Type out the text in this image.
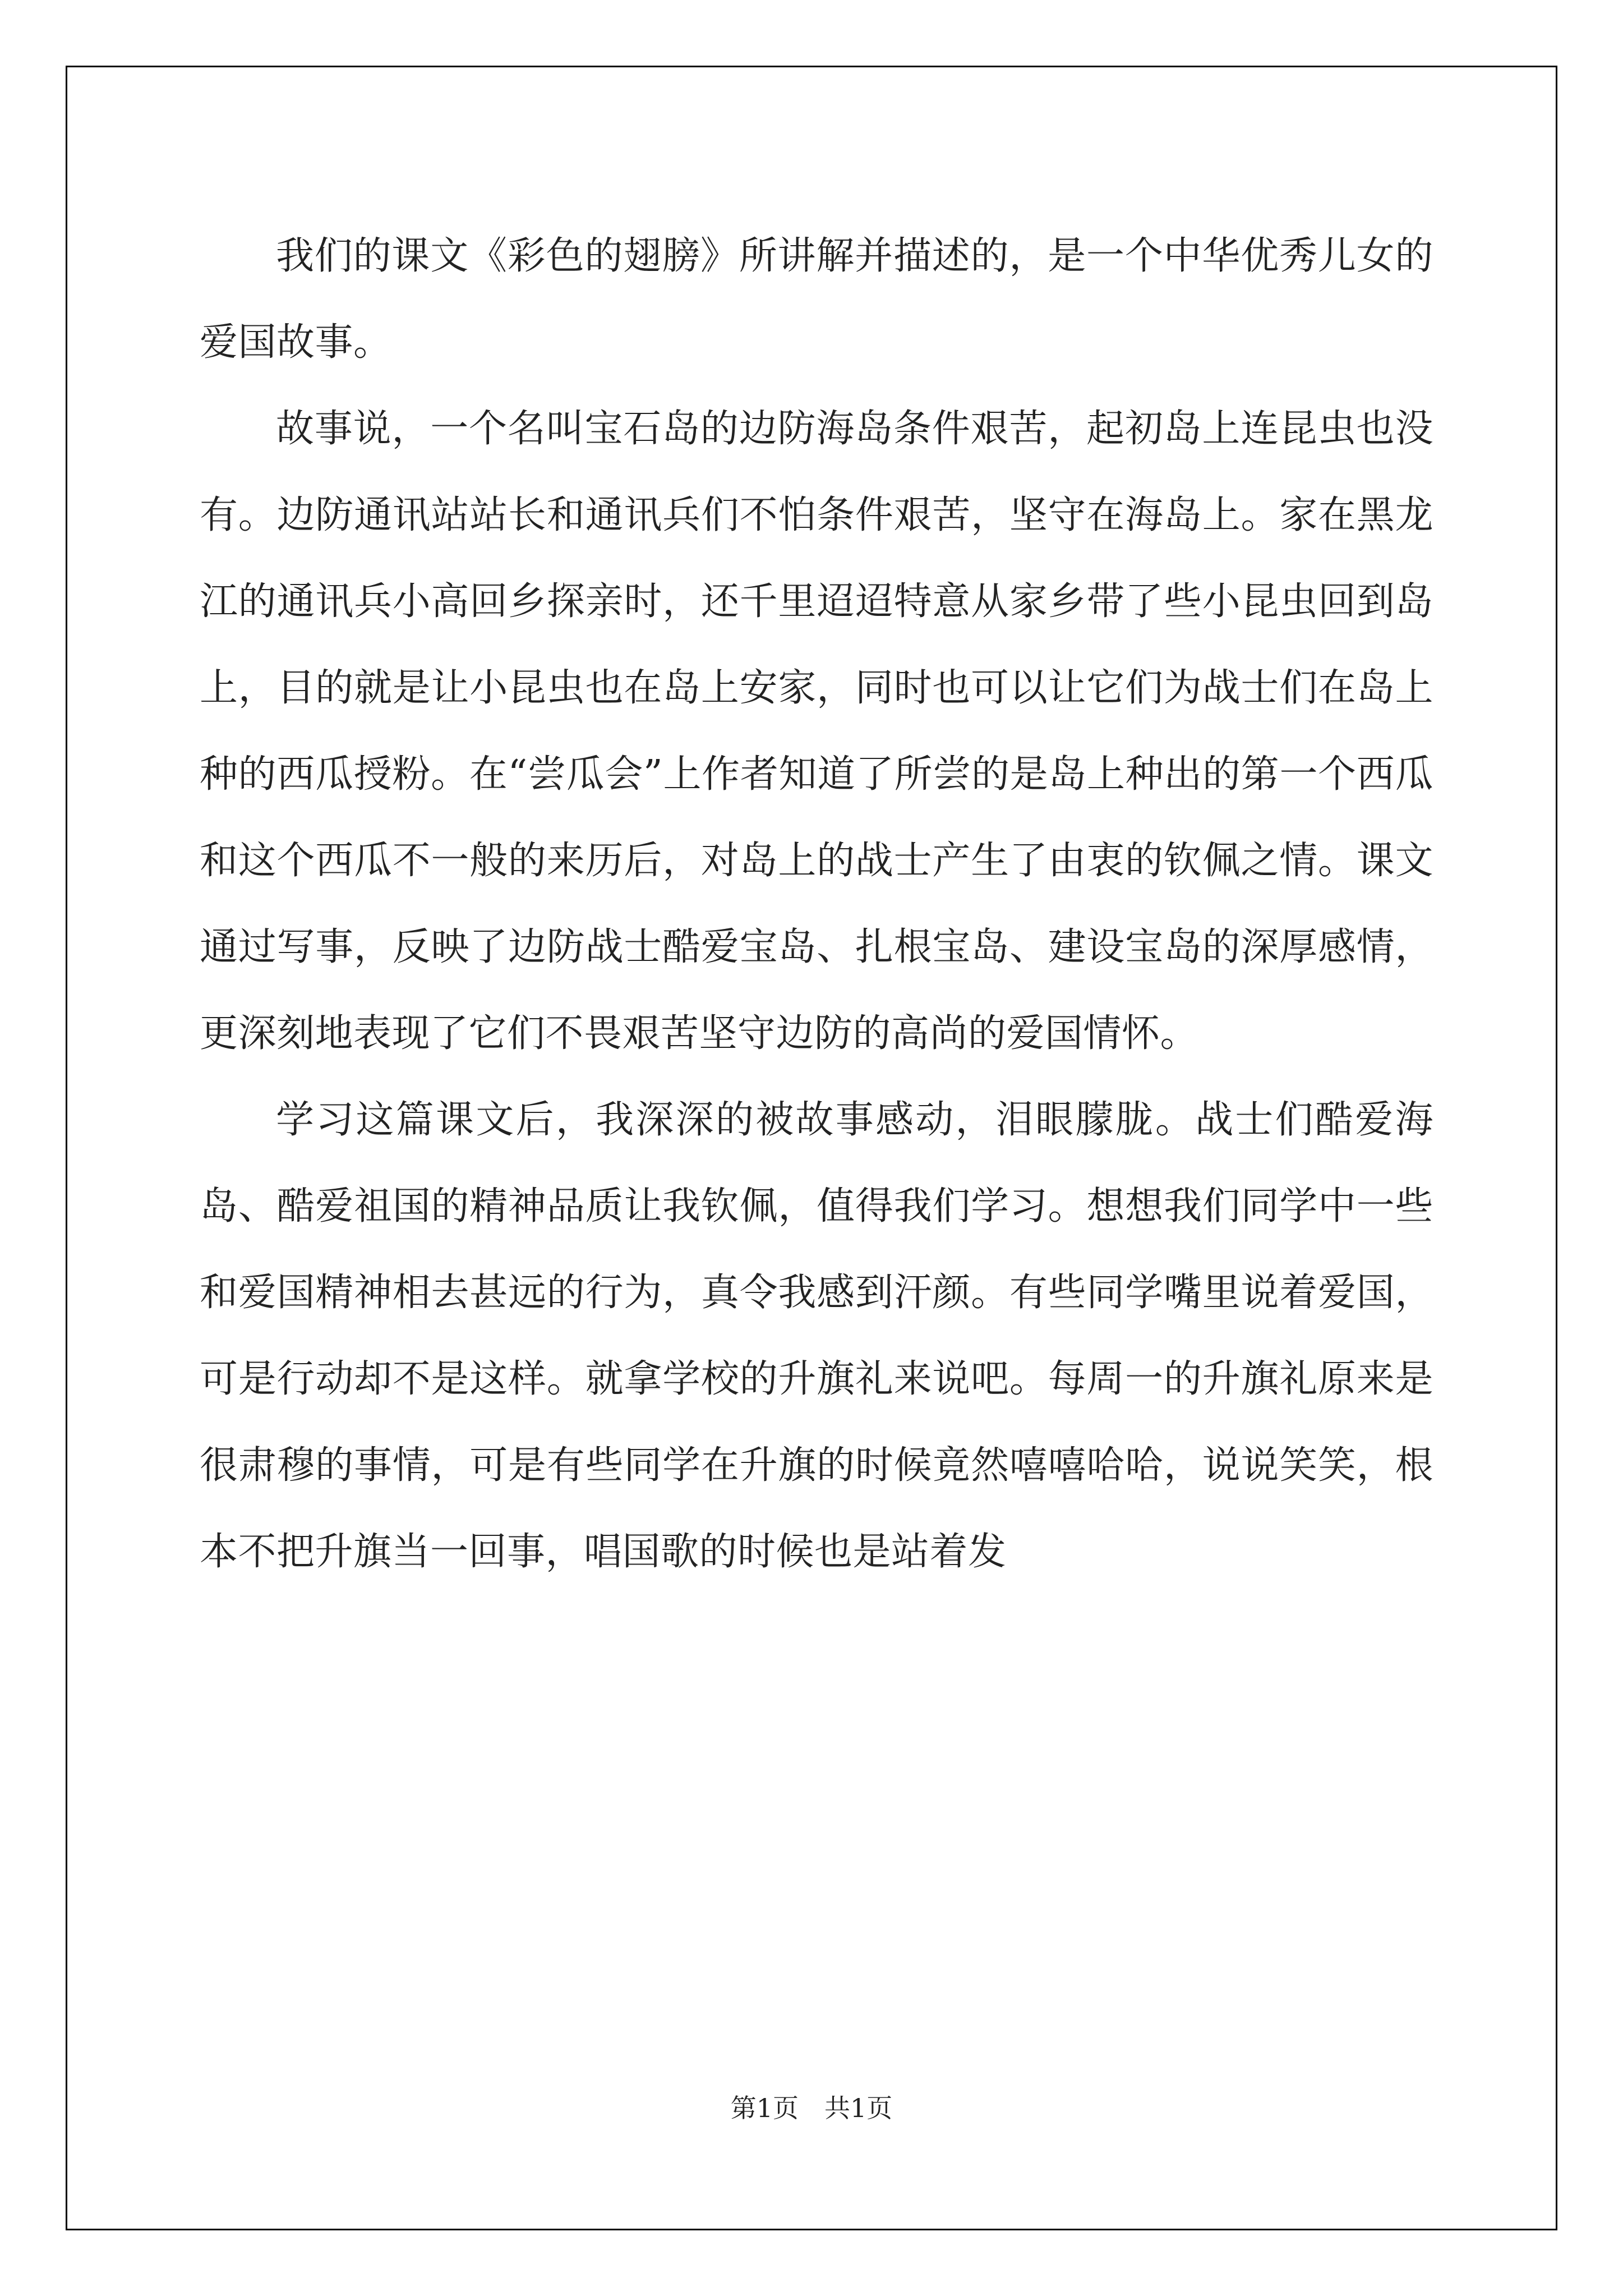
我们的课文《彩色的翅膀》所讲解并描述的，是一个中华优秀儿女的爱国故事。

故事说，一个名叫宝石岛的边防海岛条件艰苦，起初岛上连昆虫也没有。边防通讯站站长和通讯兵们不怕条件艰苦，坚守在海岛上。家在黑龙江的通讯兵小高回乡探亲时，还千里迢迢特意从家乡带了些小昆虫回到岛上，目的就是让小昆虫也在岛上安家，同时也可以让它们为战士们在岛上种的西瓜授粉。在“尝瓜会”上作者知道了所尝的是岛上种出的第一个西瓜和这个西瓜不一般的来历后，对岛上的战士产生了由衷的钦佩之情。课文通过写事，反映了边防战士酷爱宝岛、扎根宝岛、建设宝岛的深厚感情，更深刻地表现了它们不畏艰苦坚守边防的高尚的爱国情怀。

学习这篇课文后，我深深的被故事感动，泪眼朦胧。战士们酷爱海岛、酷爱祖国的精神品质让我钦佩，值得我们学习。想想我们同学中一些和爱国精神相去甚远的行为，真令我感到汗颜。有些同学嘴里说着爱国，可是行动却不是这样。就拿学校的升旗礼来说吧。每周一的升旗礼原来是很肃穆的事情，可是有些同学在升旗的时候竟然嘻嘻哈哈，说说笑笑，根本不把升旗当一回事，唱国歌的时候也是站着发

第1页　共1页
